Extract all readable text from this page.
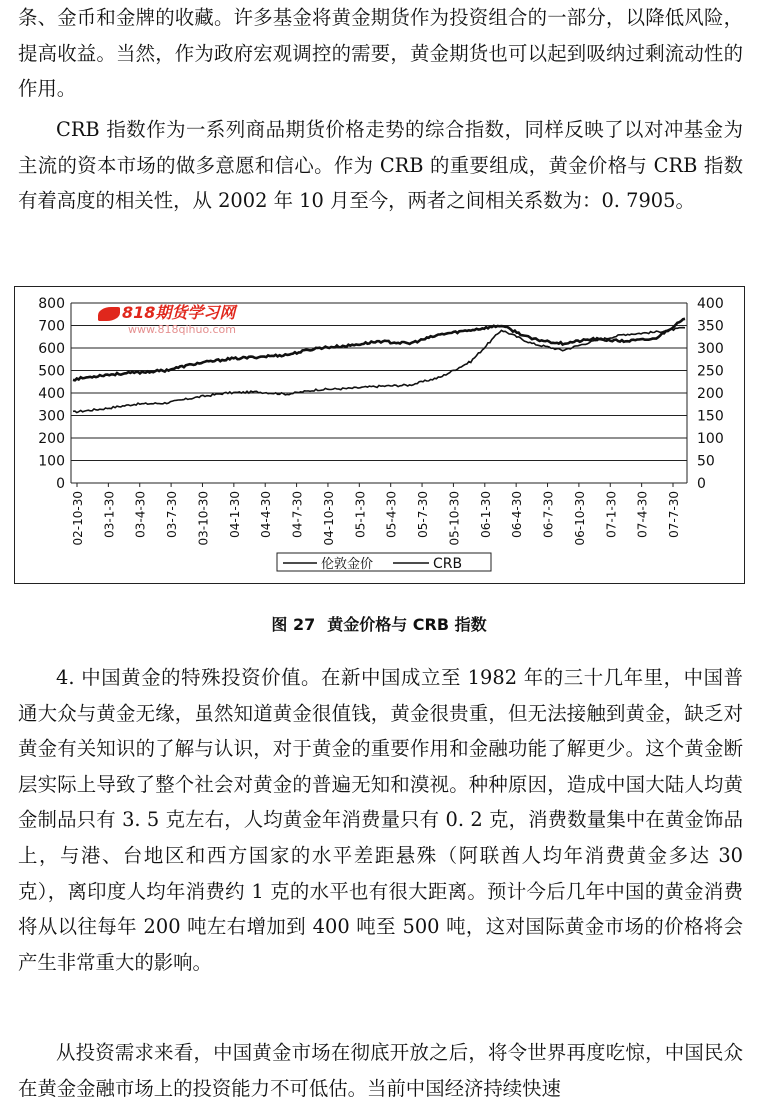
条、金币和金牌的收藏。许多基金将黄金期货作为投资组合的一部分，以降低风险，提高收益。当然，作为政府宏观调控的需要，黄金期货也可以起到吸纳过剩流动性的作用。

CRB 指数作为一系列商品期货价格走势的综合指数，同样反映了以对冲基金为主流的资本市场的做多意愿和信心。作为 CRB 的重要组成，黄金价格与 CRB 指数有着高度的相关性，从 2002 年 10 月至今，两者之间相关系数为：0. 7905。

0
100
200
300
400
500
600
700
800
0
50
100
150
200
250
300
350
400
02-10-30 03-1-30 03-4-30 03-7-30 03-10-30 04-1-30 04-4-30 04-7-30 04-10-30 05-1-30 05-4-30 05-7-30 05-10-30 06-1-30 06-4-30 06-7-30 06-10-30 07-1-30 07-4-30 07-7-30
伦敦金价	CRB
818期货学习网
www.818qihuo.com
图 27 黄金价格与 CRB 指数

4. 中国黄金的特殊投资价值。在新中国成立至 1982 年的三十几年里，中国普通大众与黄金无缘，虽然知道黄金很值钱，黄金很贵重，但无法接触到黄金，缺乏对黄金有关知识的了解与认识，对于黄金的重要作用和金融功能了解更少。这个黄金断层实际上导致了整个社会对黄金的普遍无知和漠视。种种原因，造成中国大陆人均黄金制品只有 3. 5 克左右，人均黄金年消费量只有 0. 2 克，消费数量集中在黄金饰品上，与港、台地区和西方国家的水平差距悬殊（阿联酋人均年消费黄金多达 30 克），离印度人均年消费约 1 克的水平也有很大距离。预计今后几年中国的黄金消费将从以往每年 200 吨左右增加到 400 吨至 500 吨，这对国际黄金市场的价格将会产生非常重大的影响。

从投资需求来看，中国黄金市场在彻底开放之后，将令世界再度吃惊，中国民众在黄金金融市场上的投资能力不可低估。当前中国经济持续快速
